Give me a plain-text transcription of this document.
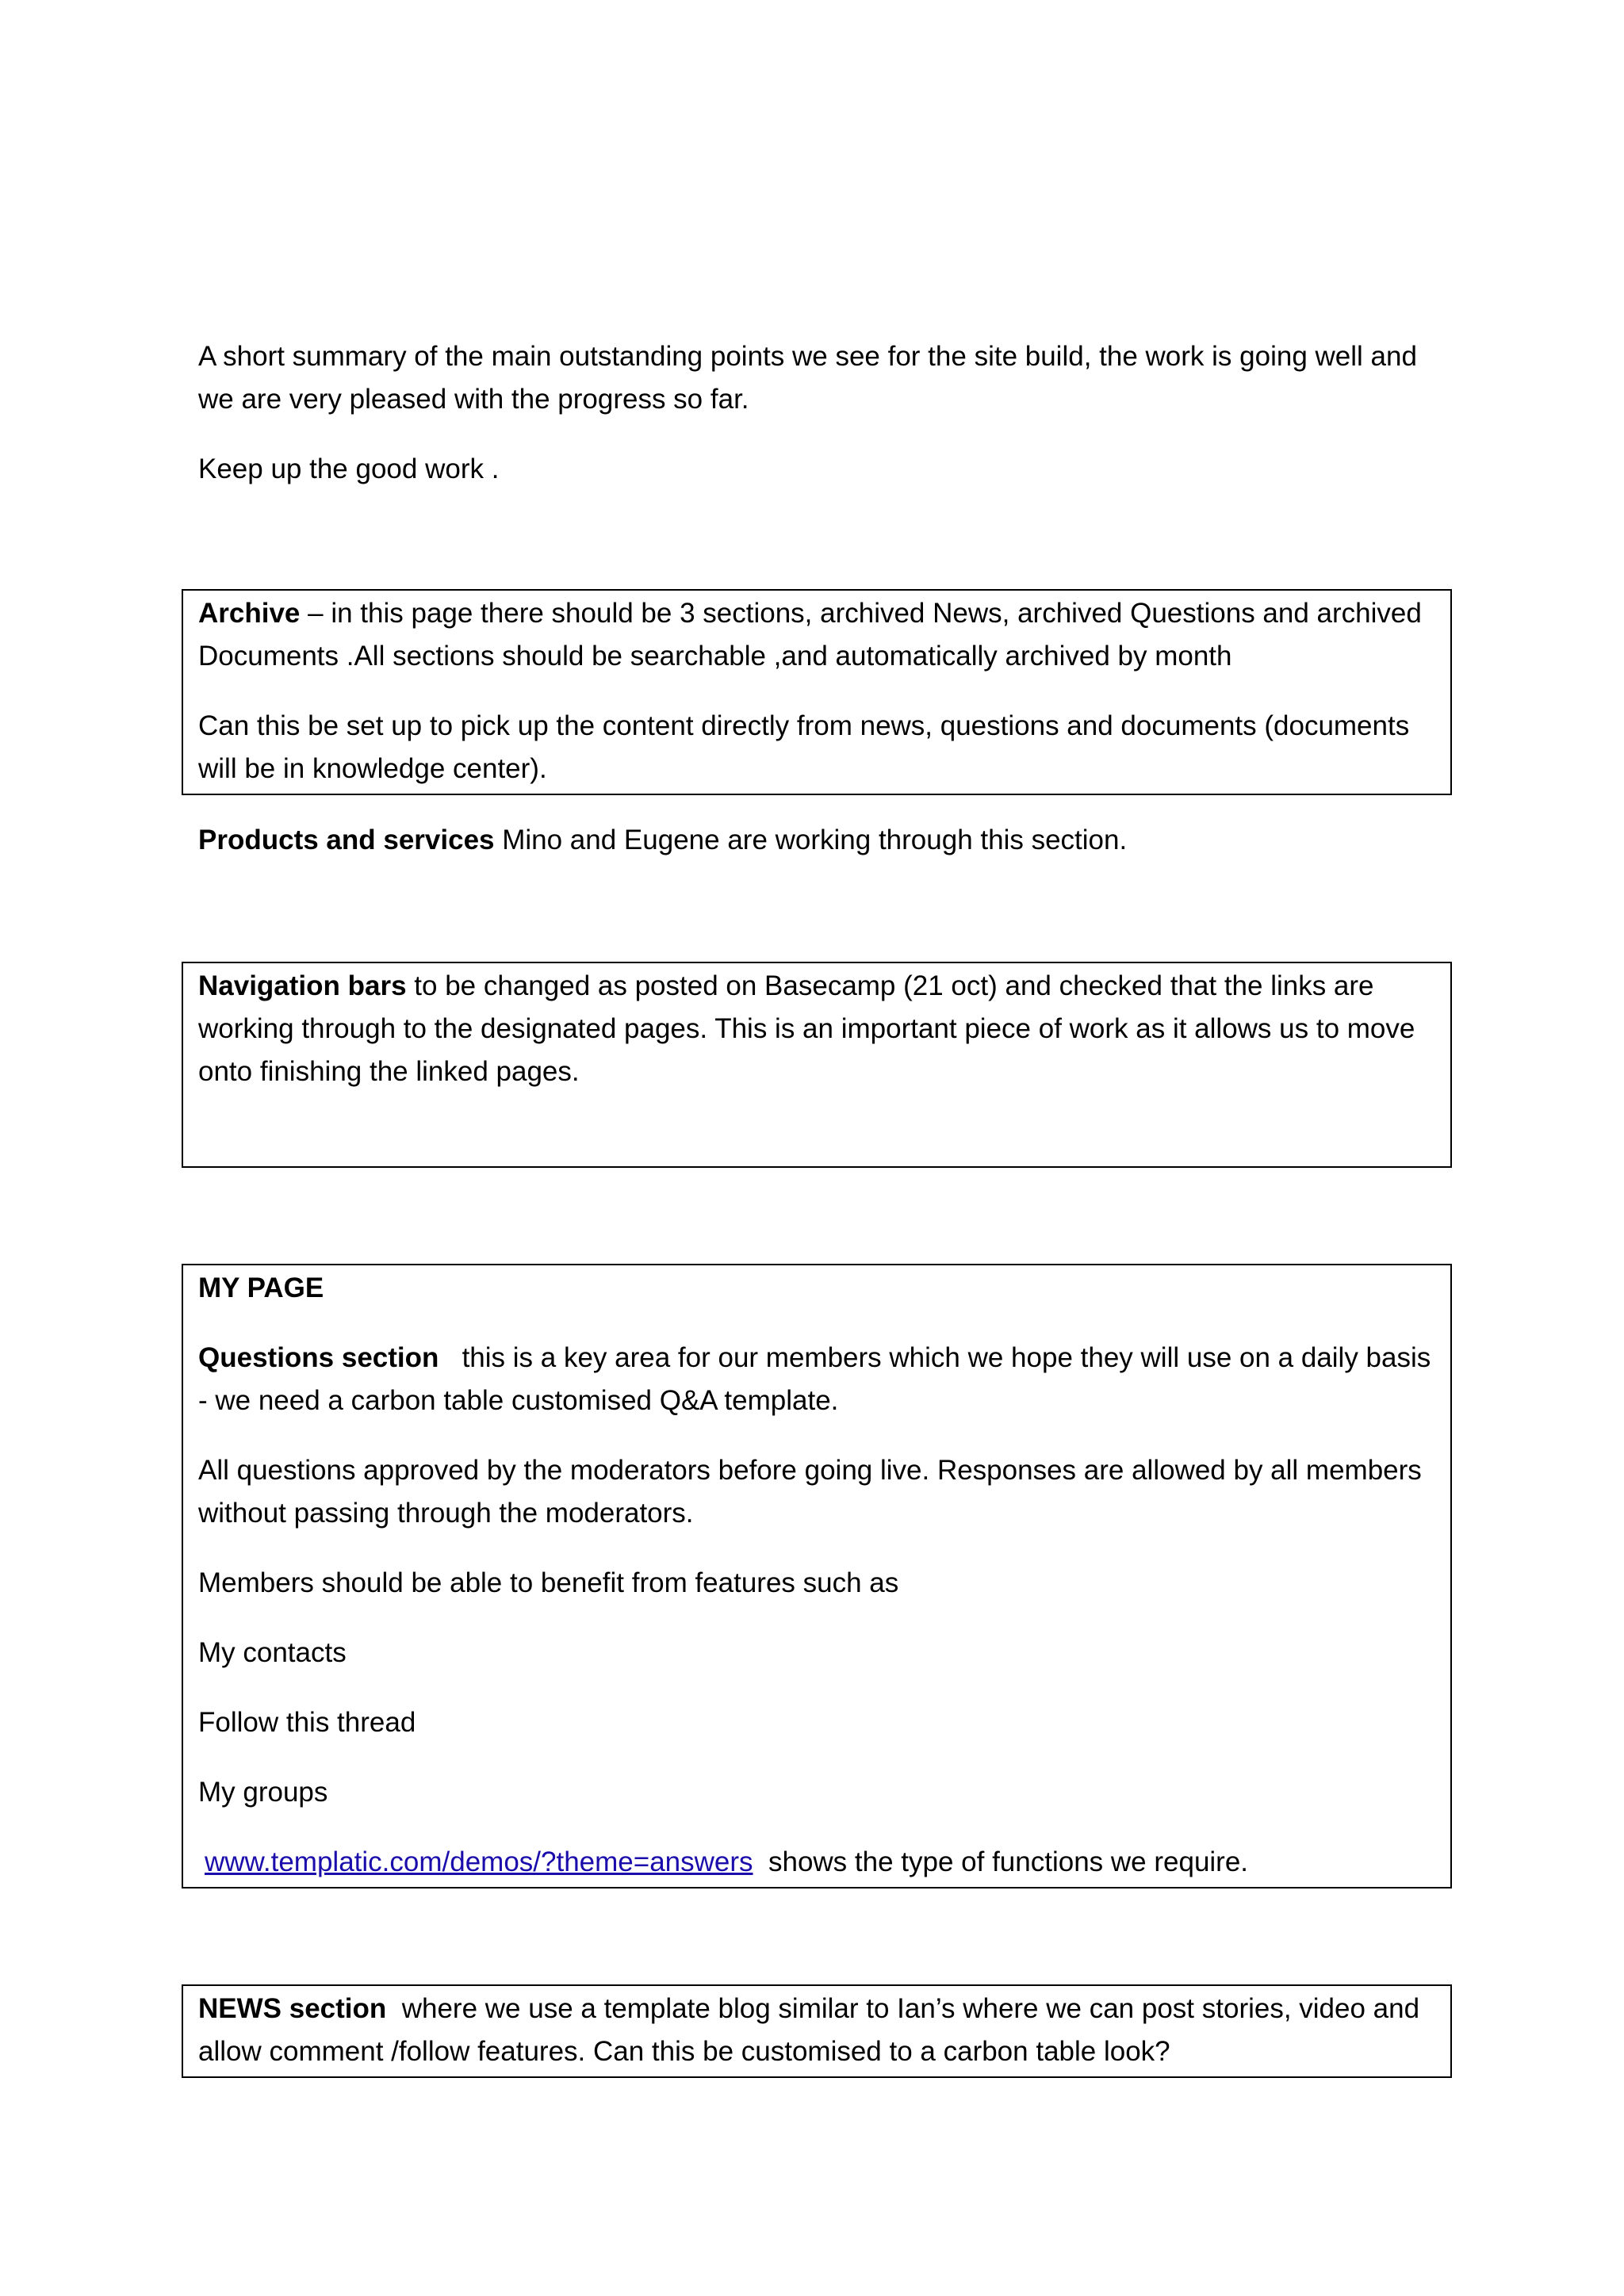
A short summary of the main outstanding points we see for the site build, the work is going well and we are very pleased with the progress so far.

Keep up the good work .

Archive – in this page there should be 3 sections, archived News, archived Questions and archived Documents .All sections should be searchable ,and automatically archived by month

Can this be set up to pick up the content directly from news, questions and documents (documents will be in knowledge center).

Products and services Mino and Eugene are working through this section.

Navigation bars to be changed as posted on Basecamp (21 oct) and checked that the links are working through to the designated pages. This is an important piece of work as it allows us to move onto finishing the linked pages.

MY PAGE

Questions section   this is a key area for our members which we hope they will use on a daily basis - we need a carbon table customised Q&A template.

All questions approved by the moderators before going live. Responses are allowed by all members without passing through the moderators.

Members should be able to benefit from features such as

My contacts

Follow this thread

My groups

www.templatic.com/demos/?theme=answers  shows the type of functions we require.

NEWS section  where we use a template blog similar to Ian’s where we can post stories, video and allow comment /follow features. Can this be customised to a carbon table look?
